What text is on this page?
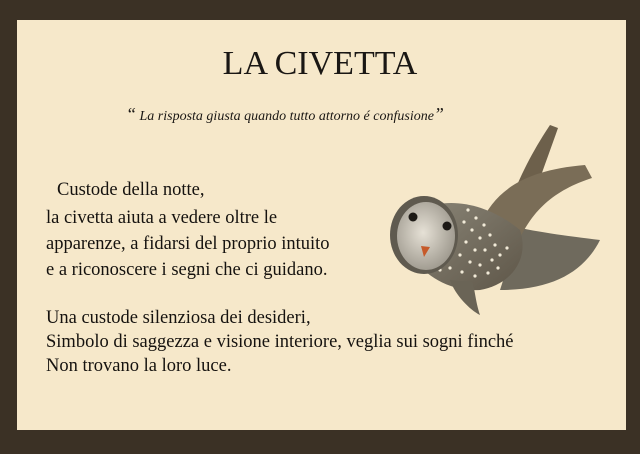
LA CIVETTA
“ La risposta giusta quando tutto attorno é confusione”
Custode della notte,
la civetta aiuta a vedere oltre le
apparenze, a fidarsi del proprio intuito
e a riconoscere i segni che ci guidano.
Una custode silenziosa dei desideri,
Simbolo di saggezza e visione interiore, veglia sui sogni finché
Non trovano la loro luce.
